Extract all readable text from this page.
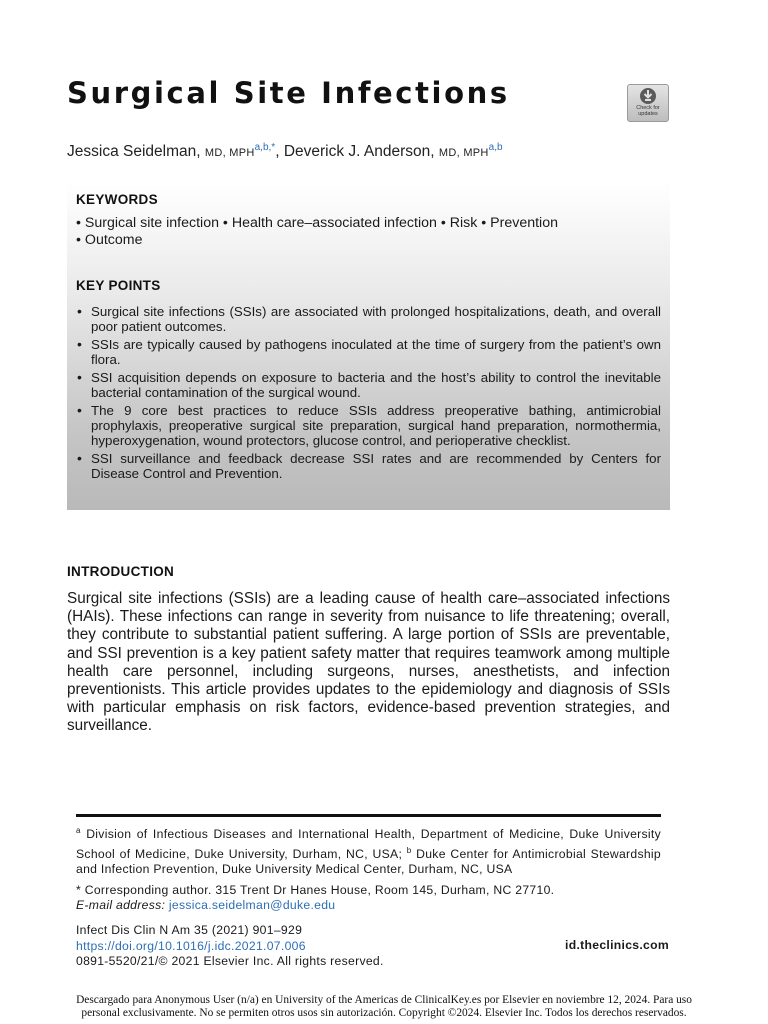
Surgical Site Infections	Check for
updates
Jessica Seidelman, MD, $MPH^{a,b,*}$, Deverick J. Anderson, MD, MPH$^{a,b}$
KEYWORDS
• Surgical site infection • Health care–associated infection • Risk • Prevention
• Outcome
KEY POINTS
• Surgical site infections (SSIs) are associated with prolonged hospitalizations, death, and overall poor patient outcomes.
• SSIs are typically caused by pathogens inoculated at the time of surgery from the patient’s own flora.
• SSI acquisition depends on exposure to bacteria and the host’s ability to control the inevitable bacterial contamination of the surgical wound.
• The 9 core best practices to reduce SSIs address preoperative bathing, antimicrobial prophylaxis, preoperative surgical site preparation, surgical hand preparation, normothermia, hyperoxygenation, wound protectors, glucose control, and perioperative checklist.
• SSI surveillance and feedback decrease SSI rates and are recommended by Centers for Disease Control and Prevention.
INTRODUCTION

Surgical site infections (SSIs) are a leading cause of health care–associated infections (HAIs). These infections can range in severity from nuisance to life threatening; overall, they contribute to substantial patient suffering. A large portion of SSIs are preventable, and SSI prevention is a key patient safety matter that requires teamwork among multiple health care personnel, including surgeons, nurses, anesthetists, and infection preventionists. This article provides updates to the epidemiology and diagnosis of SSIs with particular emphasis on risk factors, evidence-based prevention strategies, and surveillance.

$^a$ Division of Infectious Diseases and International Health, Department of Medicine, Duke University School of Medicine, Duke University, Durham, NC, USA; $^b$ Duke Center for Antimicrobial Stewardship and Infection Prevention, Duke University Medical Center, Durham, NC, USA

* Corresponding author. 315 Trent Dr Hanes House, Room 145, Durham, NC 27710.

E-mail address: jessica.seidelman@duke.edu
Infect Dis Clin N Am 35 (2021) 901–929
https://doi.org/10.1016/j.idc.2021.07.006
0891-5520/21/© 2021 Elsevier Inc. All rights reserved.
id.theclinics.com
Descargado para Anonymous User (n/a) en University of the Americas de ClinicalKey.es por Elsevier en noviembre 12, 2024. Para uso
personal exclusivamente. No se permiten otros usos sin autorización. Copyright ©2024. Elsevier Inc. Todos los derechos reservados.
